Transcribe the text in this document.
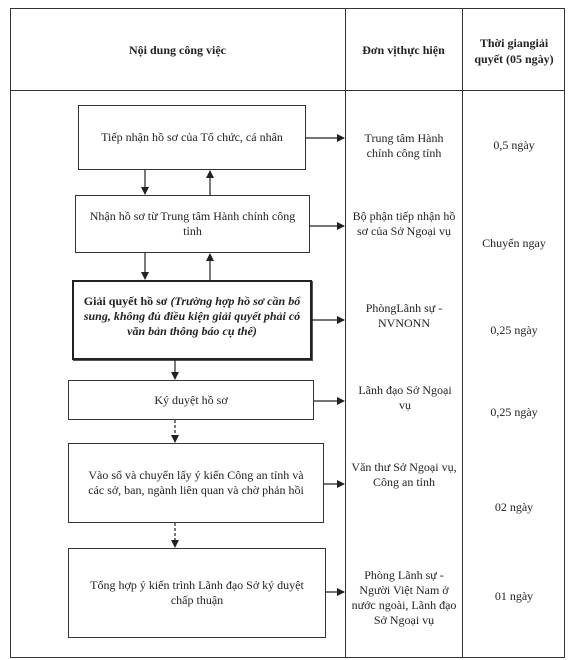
Nội dung công việc	Đơn vịthực hiện	Thời giangiải quyết (05 ngày)
Tiếp nhận hồ sơ của Tổ chức, cá nhân
Nhận hồ sơ từ Trung tâm Hành chính công tỉnh
Giải quyết hồ sơ (Trường hợp hồ sơ cần bổ sung, không đủ điều kiện giải quyết phải có văn bản thông báo cụ thể)
Ký duyệt hồ sơ
Vào số và chuyển lấy ý kiến Công an tỉnh và các sở, ban, ngành liên quan và chờ phản hồi
Tổng hợp ý kiến trình Lãnh đạo Sở ký duyệt chấp thuận
Trung tâm Hành chính công tỉnh
Bộ phận tiếp nhận hồ sơ của Sở Ngoại vụ
PhòngLãnh sự - NVNONN
Lãnh đạo Sở Ngoại vụ
Văn thư Sở Ngoại vụ, Công an tỉnh
Phòng Lãnh sự - Người Việt Nam ở nước ngoài, Lãnh đạo Sở Ngoại vụ
0,5 ngày
Chuyển ngay
0,25 ngày
0,25 ngày
02 ngày
01 ngày
